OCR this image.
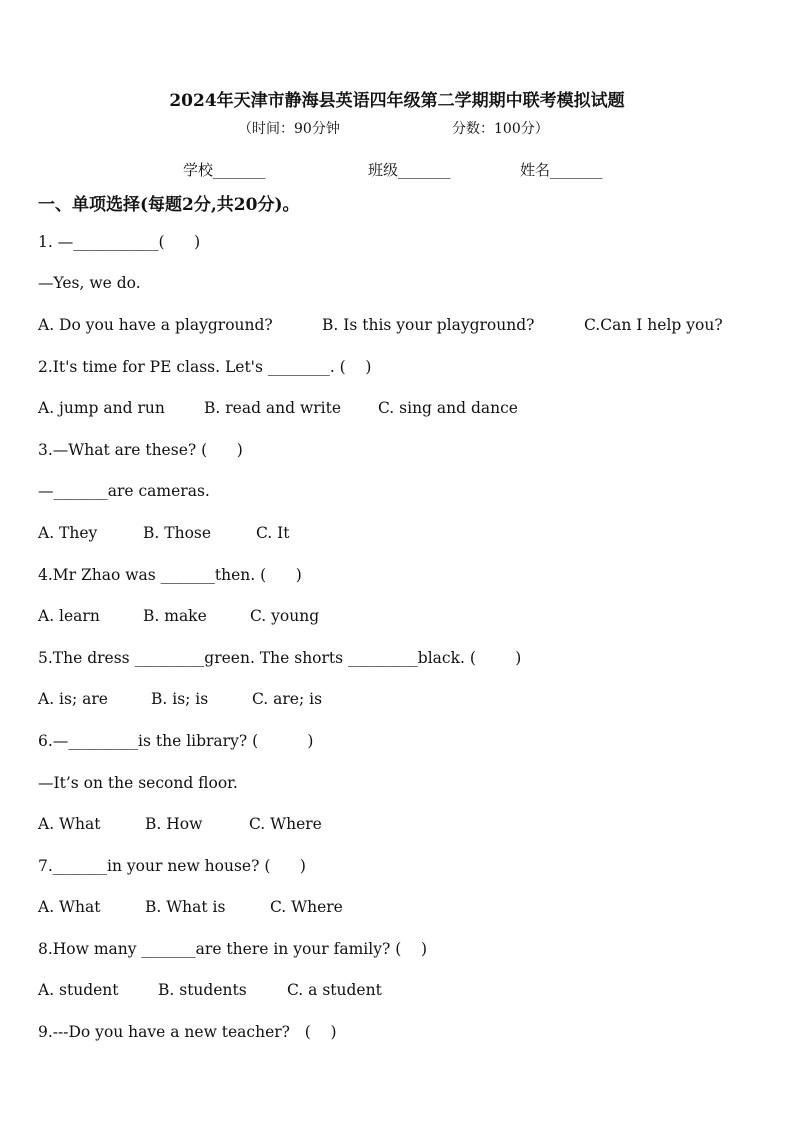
2024年天津市静海县英语四年级第二学期期中联考模拟试题
（时间：90分钟	分数：100分）
学校_______	班级_______	姓名_______
一、单项选择(每题2分,共20分)。
1. —___________(      )
—Yes, we do.
A. Do you have a playground?	B. Is this your playground?	C.Can I help you?
2.It's time for PE class. Let's ________. (    )
A. jump and run	B. read and write C. sing and dance
3.—What are these? (      )
—_______are cameras.
A. They	B. Those	C. It
4.Mr Zhao was _______then. (      )
A. learn	B. make	C. young
5.The dress _________green. The shorts _________black. (        )
A. is; are	B. is; is	C. are; is
6.—_________is the library? (          )
—It’s on the second floor.
A. What	B. How	C. Where
7._______in your new house? (      )
A. What	B. What is	C. Where
8.How many _______are there in your family? (    )
A. student	B. students	C. a student
9.---Do you have a new teacher?   (    )
